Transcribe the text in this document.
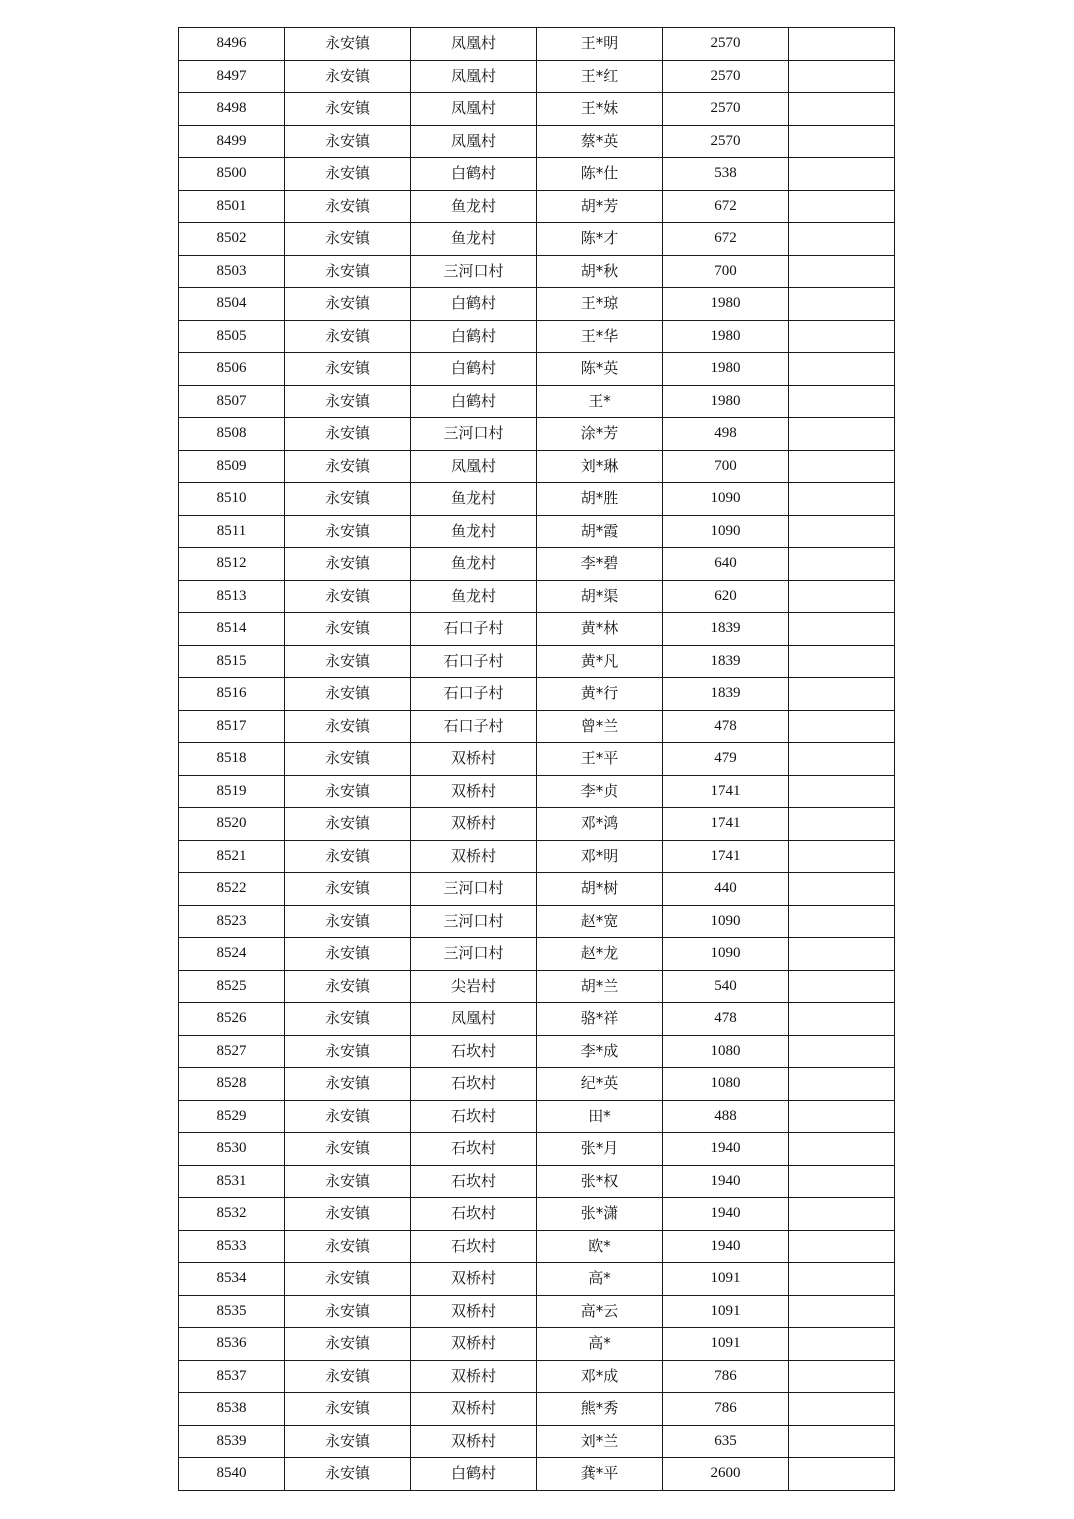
8496	永安镇	凤凰村	王*明	2570	
8497	永安镇	凤凰村	王*红	2570	
8498	永安镇	凤凰村	王*妹	2570	
8499	永安镇	凤凰村	蔡*英	2570	
8500	永安镇	白鹤村	陈*仕	538	
8501	永安镇	鱼龙村	胡*芳	672	
8502	永安镇	鱼龙村	陈*才	672	
8503	永安镇	三河口村	胡*秋	700	
8504	永安镇	白鹤村	王*琼	1980	
8505	永安镇	白鹤村	王*华	1980	
8506	永安镇	白鹤村	陈*英	1980	
8507	永安镇	白鹤村	王*	1980	
8508	永安镇	三河口村	涂*芳	498	
8509	永安镇	凤凰村	刘*琳	700	
8510	永安镇	鱼龙村	胡*胜	1090	
8511	永安镇	鱼龙村	胡*霞	1090	
8512	永安镇	鱼龙村	李*碧	640	
8513	永安镇	鱼龙村	胡*渠	620	
8514	永安镇	石口子村	黄*林	1839	
8515	永安镇	石口子村	黄*凡	1839	
8516	永安镇	石口子村	黄*行	1839	
8517	永安镇	石口子村	曾*兰	478	
8518	永安镇	双桥村	王*平	479	
8519	永安镇	双桥村	李*贞	1741	
8520	永安镇	双桥村	邓*鸿	1741	
8521	永安镇	双桥村	邓*明	1741	
8522	永安镇	三河口村	胡*树	440	
8523	永安镇	三河口村	赵*宽	1090	
8524	永安镇	三河口村	赵*龙	1090	
8525	永安镇	尖岩村	胡*兰	540	
8526	永安镇	凤凰村	骆*祥	478	
8527	永安镇	石坎村	李*成	1080	
8528	永安镇	石坎村	纪*英	1080	
8529	永安镇	石坎村	田*	488	
8530	永安镇	石坎村	张*月	1940	
8531	永安镇	石坎村	张*权	1940	
8532	永安镇	石坎村	张*潇	1940	
8533	永安镇	石坎村	欧*	1940	
8534	永安镇	双桥村	高*	1091	
8535	永安镇	双桥村	高*云	1091	
8536	永安镇	双桥村	高*	1091	
8537	永安镇	双桥村	邓*成	786	
8538	永安镇	双桥村	熊*秀	786	
8539	永安镇	双桥村	刘*兰	635	
8540	永安镇	白鹤村	龚*平	2600	
